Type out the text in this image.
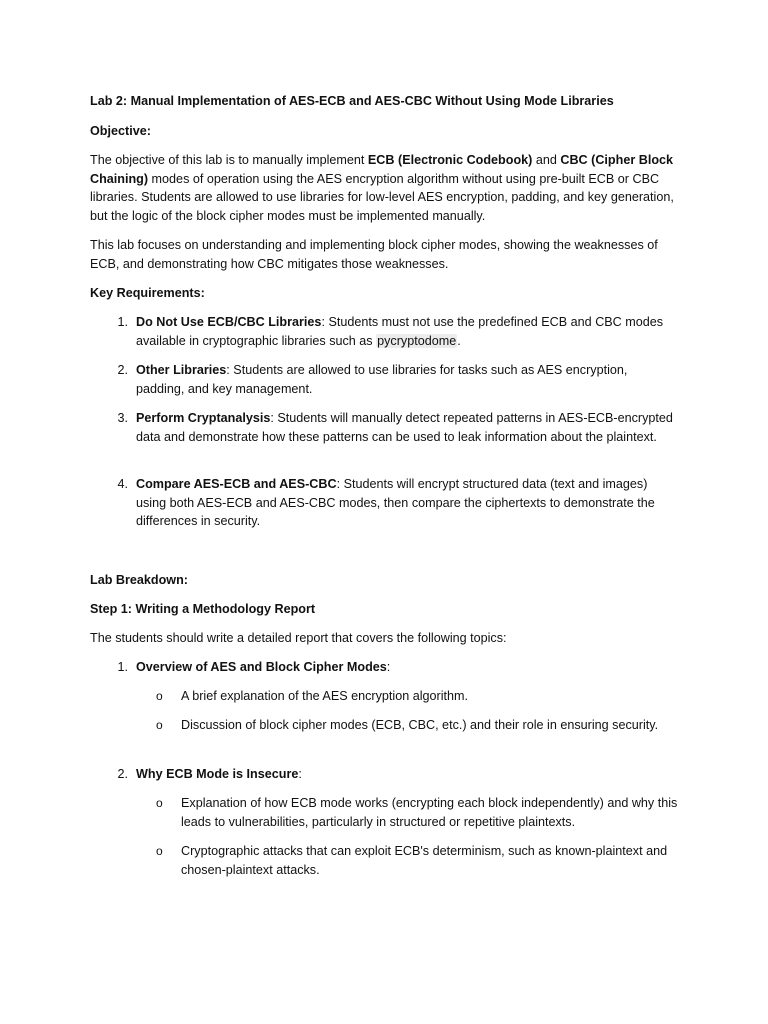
Lab 2: Manual Implementation of AES-ECB and AES-CBC Without Using Mode Libraries

Objective:

The objective of this lab is to manually implement ECB (Electronic Codebook) and CBC (Cipher Block Chaining) modes of operation using the AES encryption algorithm without using pre-built ECB or CBC libraries. Students are allowed to use libraries for low-level AES encryption, padding, and key generation, but the logic of the block cipher modes must be implemented manually.

This lab focuses on understanding and implementing block cipher modes, showing the weaknesses of ECB, and demonstrating how CBC mitigates those weaknesses.

Key Requirements:

1. Do Not Use ECB/CBC Libraries: Students must not use the predefined ECB and CBC modes available in cryptographic libraries such as pycryptodome.
2. Other Libraries: Students are allowed to use libraries for tasks such as AES encryption, padding, and key management.
3. Perform Cryptanalysis: Students will manually detect repeated patterns in AES-ECB-encrypted data and demonstrate how these patterns can be used to leak information about the plaintext.
4. Compare AES-ECB and AES-CBC: Students will encrypt structured data (text and images) using both AES-ECB and AES-CBC modes, then compare the ciphertexts to demonstrate the differences in security.

Lab Breakdown:

Step 1: Writing a Methodology Report

The students should write a detailed report that covers the following topics:

1. Overview of AES and Block Cipher Modes:
o A brief explanation of the AES encryption algorithm.
o Discussion of block cipher modes (ECB, CBC, etc.) and their role in ensuring security.
2. Why ECB Mode is Insecure:
o Explanation of how ECB mode works (encrypting each block independently) and why this leads to vulnerabilities, particularly in structured or repetitive plaintexts.
o Cryptographic attacks that can exploit ECB's determinism, such as known-plaintext and chosen-plaintext attacks.
